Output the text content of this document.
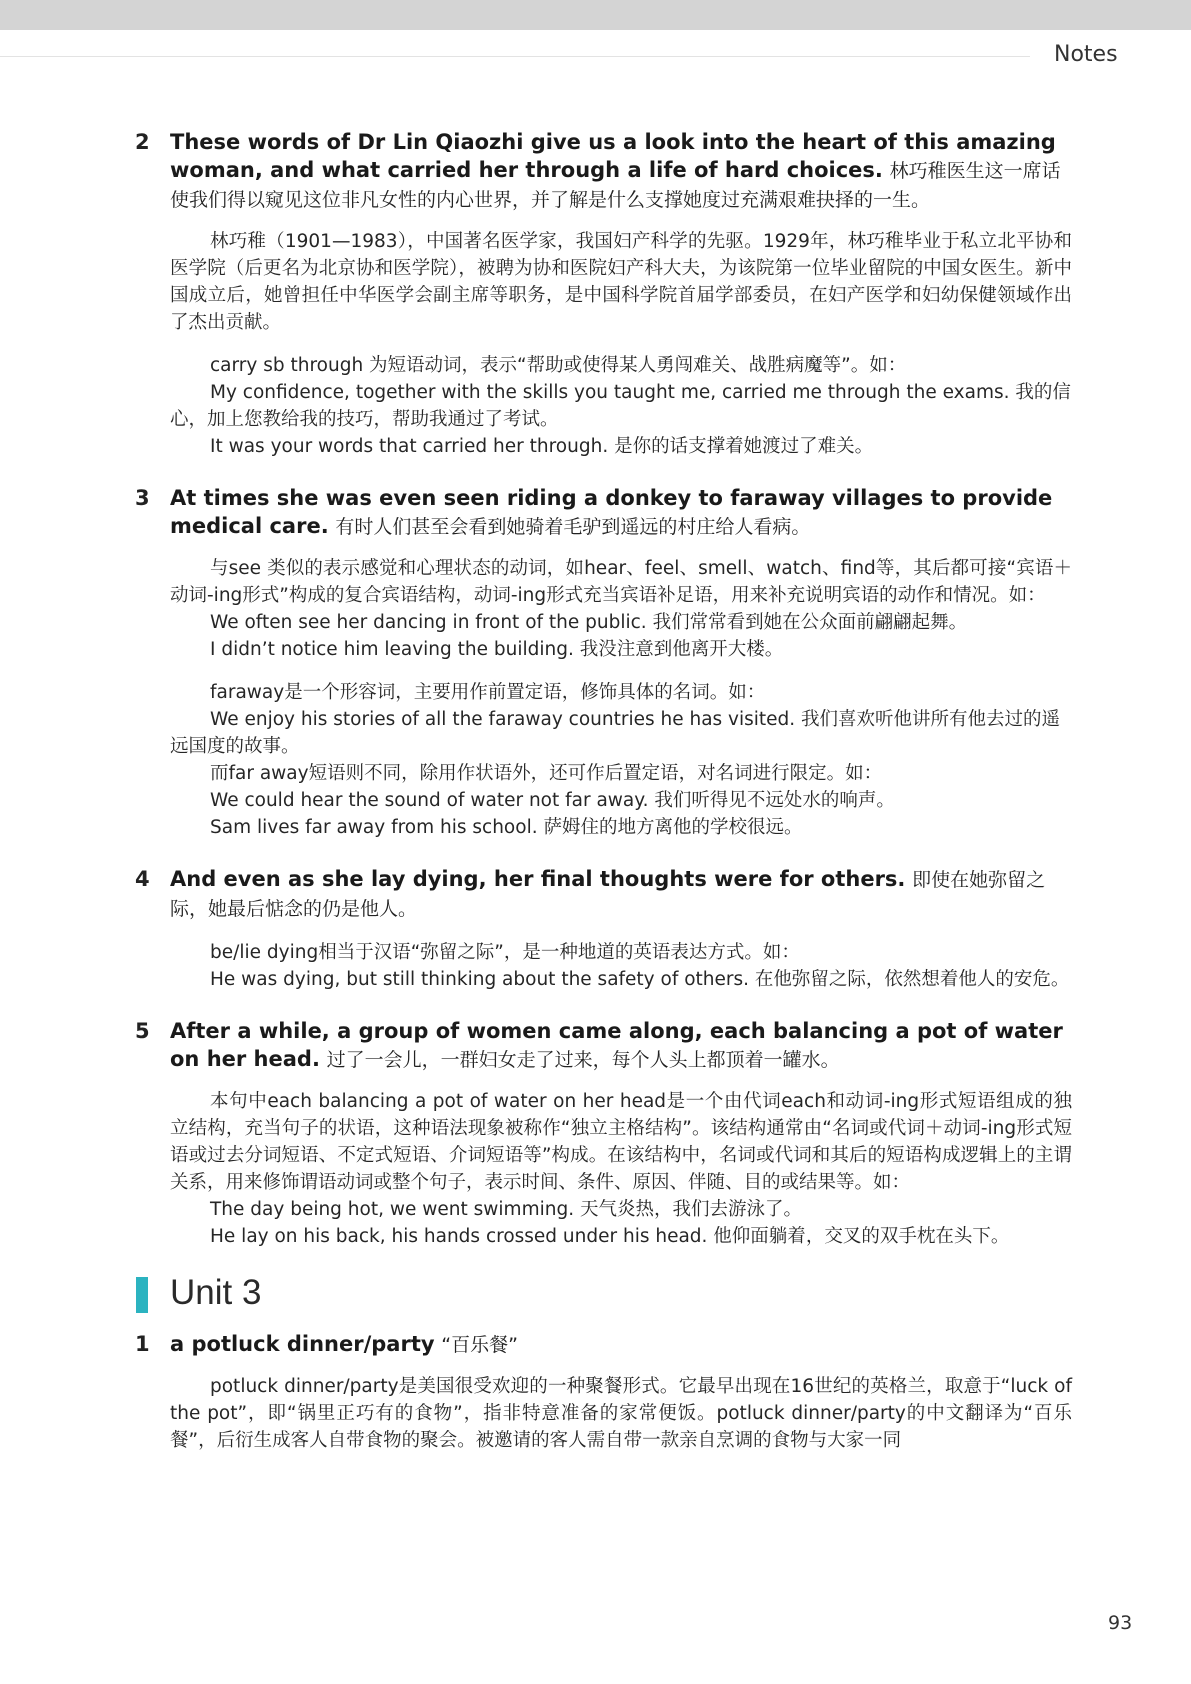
Notes
2 These words of Dr Lin Qiaozhi give us a look into the heart of this amazing woman, and what carried her through a life of hard choices. 林巧稚医生这一席话使我们得以窥见这位非凡女性的内心世界，并了解是什么支撑她度过充满艰难抉择的一生。

林巧稚（1901—1983），中国著名医学家，我国妇产科学的先驱。1929年，林巧稚毕业于私立北平协和医学院（后更名为北京协和医学院），被聘为协和医院妇产科大夫，为该院第一位毕业留院的中国女医生。新中国成立后，她曾担任中华医学会副主席等职务，是中国科学院首届学部委员，在妇产医学和妇幼保健领域作出了杰出贡献。

carry sb through 为短语动词，表示“帮助或使得某人勇闯难关、战胜病魔等”。如：

My confidence, together with the skills you taught me, carried me through the exams. 我的信心，加上您教给我的技巧，帮助我通过了考试。

It was your words that carried her through. 是你的话支撑着她渡过了难关。

3 At times she was even seen riding a donkey to faraway villages to provide medical care. 有时人们甚至会看到她骑着毛驴到遥远的村庄给人看病。

与see 类似的表示感觉和心理状态的动词，如hear、feel、smell、watch、find等，其后都可接“宾语＋动词-ing形式”构成的复合宾语结构，动词-ing形式充当宾语补足语，用来补充说明宾语的动作和情况。如：

We often see her dancing in front of the public. 我们常常看到她在公众面前翩翩起舞。

I didn’t notice him leaving the building. 我没注意到他离开大楼。

faraway是一个形容词，主要用作前置定语，修饰具体的名词。如：

We enjoy his stories of all the faraway countries he has visited. 我们喜欢听他讲所有他去过的遥远国度的故事。

而far away短语则不同，除用作状语外，还可作后置定语，对名词进行限定。如：

We could hear the sound of water not far away. 我们听得见不远处水的响声。

Sam lives far away from his school. 萨姆住的地方离他的学校很远。

4 And even as she lay dying, her final thoughts were for others. 即使在她弥留之际，她最后惦念的仍是他人。

be/lie dying相当于汉语“弥留之际”，是一种地道的英语表达方式。如：

He was dying, but still thinking about the safety of others. 在他弥留之际，依然想着他人的安危。

5 After a while, a group of women came along, each balancing a pot of water on her head. 过了一会儿，一群妇女走了过来，每个人头上都顶着一罐水。

本句中each balancing a pot of water on her head是一个由代词each和动词-ing形式短语组成的独立结构，充当句子的状语，这种语法现象被称作“独立主格结构”。该结构通常由“名词或代词＋动词-ing形式短语或过去分词短语、不定式短语、介词短语等”构成。在该结构中，名词或代词和其后的短语构成逻辑上的主谓关系，用来修饰谓语动词或整个句子，表示时间、条件、原因、伴随、目的或结果等。如：

The day being hot, we went swimming. 天气炎热，我们去游泳了。

He lay on his back, his hands crossed under his head. 他仰面躺着，交叉的双手枕在头下。

Unit 3
1 a potluck dinner/party “百乐餐”

potluck dinner/party是美国很受欢迎的一种聚餐形式。它最早出现在16世纪的英格兰，取意于“luck of the pot”，即“锅里正巧有的食物”，指非特意准备的家常便饭。potluck dinner/party的中文翻译为“百乐餐”，后衍生成客人自带食物的聚会。被邀请的客人需自带一款亲自烹调的食物与大家一同

93
